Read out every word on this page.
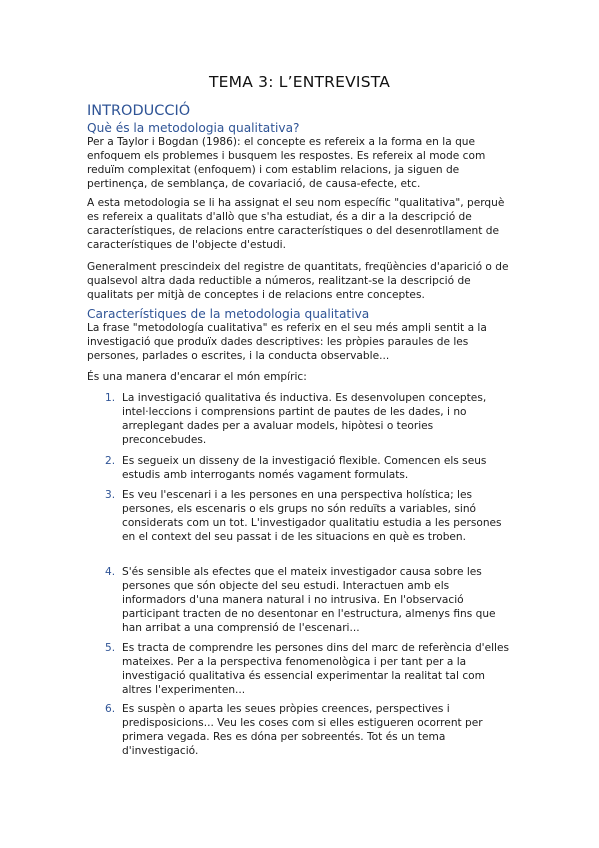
TEMA 3: L’ENTREVISTA
INTRODUCCIÓ
Què és la metodologia qualitativa?

Per a Taylor i Bogdan (1986): el concepte es refereix a la forma en la que enfoquem els problemes i busquem les respostes. Es refereix al mode com reduïm complexitat (enfoquem) i com establim relacions, ja siguen de pertinença, de semblança, de covariació, de causa-efecte, etc.

A esta metodologia se li ha assignat el seu nom específic "qualitativa", perquè es refereix a qualitats d'allò que s'ha estudiat, és a dir a la descripció de característiques, de relacions entre característiques o del desenrotllament de característiques de l'objecte d'estudi.

Generalment prescindeix del registre de quantitats, freqüències d'aparició o de qualsevol altra dada reductible a números, realitzant-se la descripció de qualitats per mitjà de conceptes i de relacions entre conceptes.

Característiques de la metodologia qualitativa

La frase "metodología cualitativa" es referix en el seu més ampli sentit a la investigació que produïx dades descriptives: les pròpies paraules de les persones, parlades o escrites, i la conducta observable...

És una manera d'encarar el món empíric:

1. La investigació qualitativa és inductiva. Es desenvolupen conceptes, intel·leccions i comprensions partint de pautes de les dades, i no arreplegant dades per a avaluar models, hipòtesi o teories preconcebudes.
2. Es segueix un disseny de la investigació flexible. Comencen els seus estudis amb interrogants només vagament formulats.
3. Es veu l'escenari i a les persones en una perspectiva holística; les persones, els escenaris o els grups no són reduïts a variables, sinó considerats com un tot. L'investigador qualitatiu estudia a les persones en el context del seu passat i de les situacions en què es troben.
4. S'és sensible als efectes que el mateix investigador causa sobre les persones que són objecte del seu estudi. Interactuen amb els informadors d'una manera natural i no intrusiva. En l'observació participant tracten de no desentonar en l'estructura, almenys fins que han arribat a una comprensió de l'escenari...
5. Es tracta de comprendre les persones dins del marc de referència d'elles mateixes. Per a la perspectiva fenomenològica i per tant per a la investigació qualitativa és essencial experimentar la realitat tal com altres l'experimenten...
6. Es suspèn o aparta les seues pròpies creences, perspectives i predisposicions... Veu les coses com si elles estigueren ocorrent per primera vegada. Res es dóna per sobreentés. Tot és un tema d'investigació.
